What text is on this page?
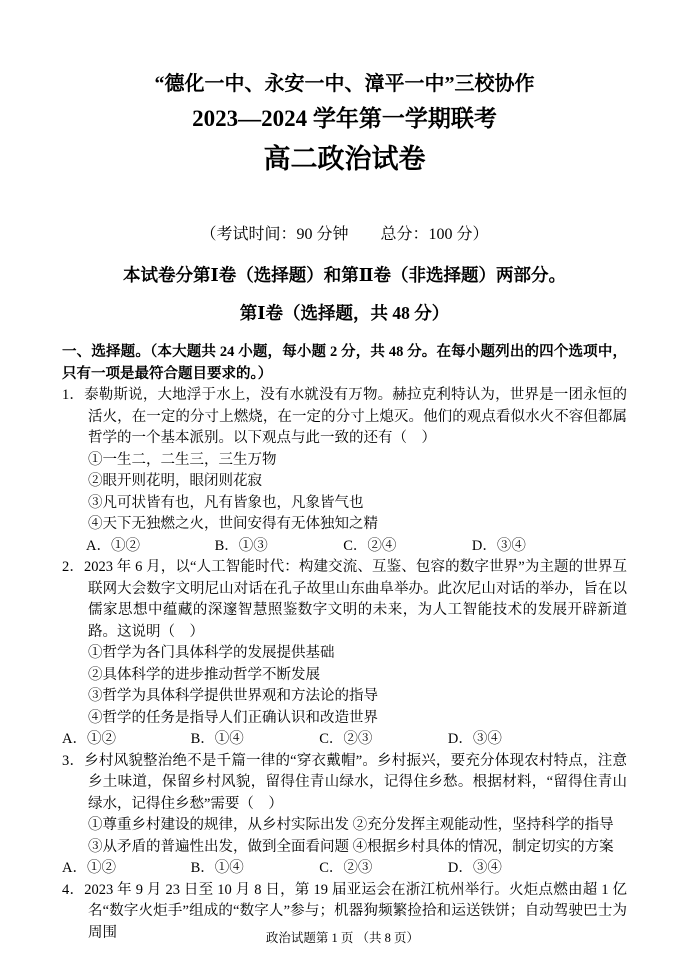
“德化一中、永安一中、漳平一中”三校协作
2023—2024 学年第一学期联考
高二政治试卷

（考试时间：90 分钟　　总分：100 分）

本试卷分第Ⅰ卷（选择题）和第Ⅱ卷（非选择题）两部分。

第Ⅰ卷（选择题，共 48 分）

一、选择题。（本大题共 24 小题，每小题 2 分，共 48 分。在每小题列出的四个选项中，只有一项是最符合题目要求的。）

1．泰勒斯说，大地浮于水上，没有水就没有万物。赫拉克利特认为，世界是一团永恒的活火，在一定的分寸上燃烧，在一定的分寸上熄灭。他们的观点看似水火不容但都属哲学的一个基本派别。以下观点与此一致的还有（　）

①一生二，二生三，三生万物

②眼开则花明，眼闭则花寂

③凡可状皆有也，凡有皆象也，凡象皆气也

④天下无独燃之火，世间安得有无体独知之精

A．①②	B．①③	C．②④	D．③④

2．2023 年 6 月，以“人工智能时代：构建交流、互鉴、包容的数字世界”为主题的世界互联网大会数字文明尼山对话在孔子故里山东曲阜举办。此次尼山对话的举办，旨在以儒家思想中蕴藏的深邃智慧照鉴数字文明的未来，为人工智能技术的发展开辟新道路。这说明（　）

①哲学为各门具体科学的发展提供基础

②具体科学的进步推动哲学不断发展

③哲学为具体科学提供世界观和方法论的指导

④哲学的任务是指导人们正确认识和改造世界

A．①②	B．①④	C．②③	D．③④

3．乡村风貌整治绝不是千篇一律的“穿衣戴帽”。乡村振兴，要充分体现农村特点，注意乡土味道，保留乡村风貌，留得住青山绿水，记得住乡愁。根据材料，“留得住青山绿水，记得住乡愁”需要（　）

①尊重乡村建设的规律，从乡村实际出发 ②充分发挥主观能动性，坚持科学的指导

③从矛盾的普遍性出发，做到全面看问题 ④根据乡村具体的情况，制定切实的方案

A．①②	B．①④	C．②③	D．③④

4．2023 年 9 月 23 日至 10 月 8 日，第 19 届亚运会在浙江杭州举行。火炬点燃由超 1 亿名“数字火炬手”组成的“数字人”参与；机器狗频繁捡拾和运送铁饼；自动驾驶巴士为周围	政治试题第 1 页 （共 8 页）
